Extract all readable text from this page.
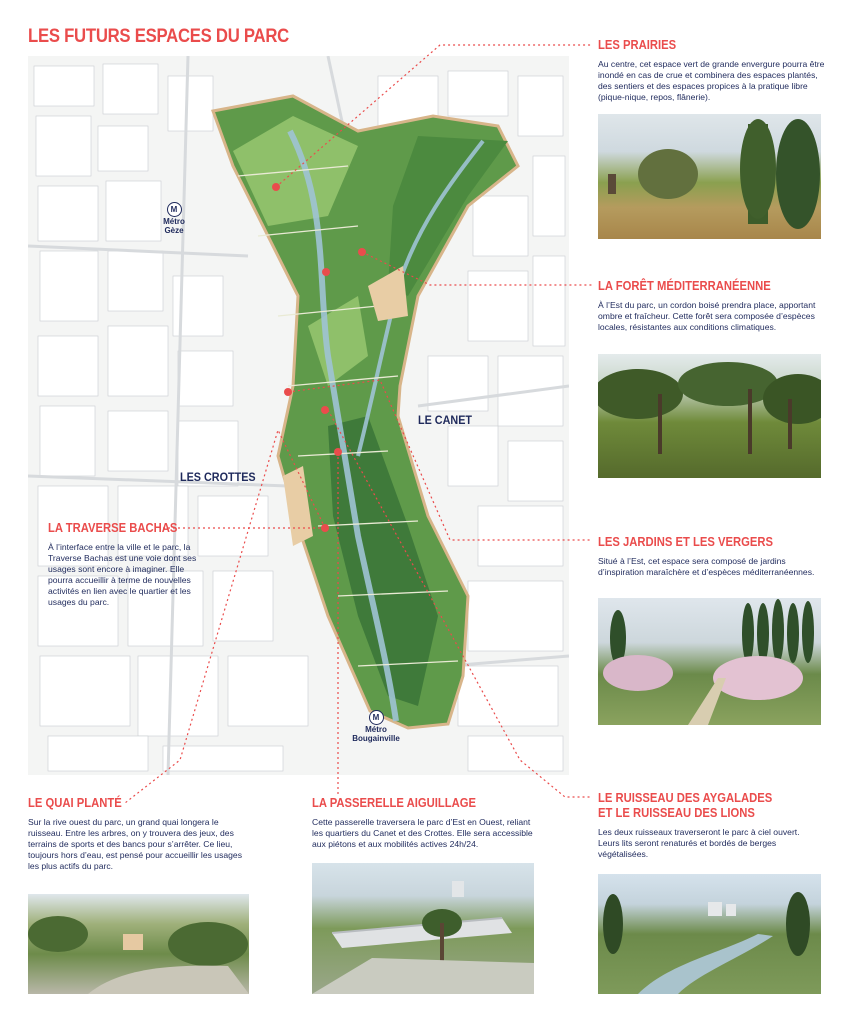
LES FUTURS ESPACES DU PARC
LE CANET
LES CROTTES
M
Métro
Gèze
M
Métro
Bougainville
LES PRAIRIES
Au centre, cet espace vert de grande envergure pourra être inondé en cas de crue et combinera des espaces plantés, des sentiers et des espaces propices à la pratique libre (pique-nique, repos, flânerie).
LA FORÊT MÉDITERRANÉENNE
À l’Est du parc, un cordon boisé prendra place, apportant ombre et fraîcheur. Cette forêt sera composée d’espèces locales, résistantes aux conditions climatiques.
LES JARDINS ET LES VERGERS
Situé à l’Est, cet espace sera composé de jardins d’inspiration maraîchère et d’espèces méditerranéennes.
LE RUISSEAU DES AYGALADES
ET LE RUISSEAU DES LIONS
Les deux ruisseaux traverseront le parc à ciel ouvert. Leurs lits seront renaturés et bordés de berges végétalisées.
LA TRAVERSE BACHAS
À l’interface entre la ville et le parc, la Traverse Bachas est une voie dont ses usages sont encore à imaginer. Elle pourra accueillir à terme de nouvelles activités en lien avec le quartier et les usages du parc.
LE QUAI PLANTÉ
Sur la rive ouest du parc, un grand quai longera le ruisseau. Entre les arbres, on y trouvera des jeux, des terrains de sports et des bancs pour s’arrêter. Ce lieu, toujours hors d’eau, est pensé pour accueillir les usages les plus actifs du parc.
LA PASSERELLE AIGUILLAGE
Cette passerelle traversera le parc d’Est en Ouest, reliant les quartiers du Canet et des Crottes. Elle sera accessible aux piétons et aux mobilités actives 24h/24.
